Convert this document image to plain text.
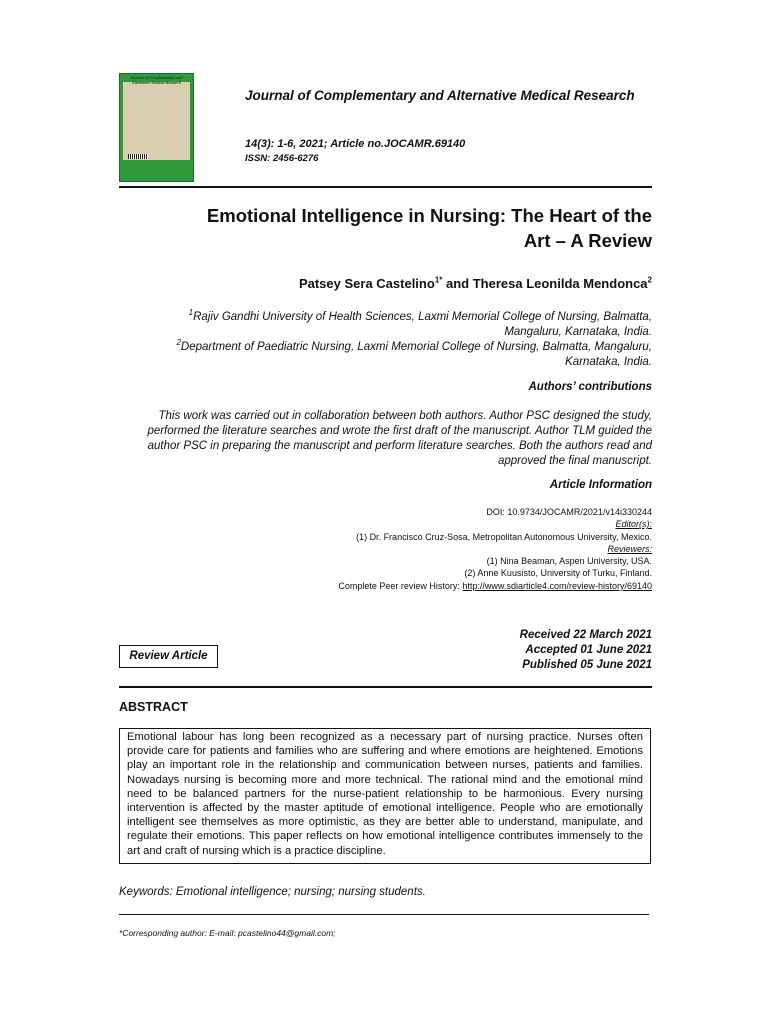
Journal of Complementary and Alternative Medical Research
Journal of Complementary and Alternative Medical Research
14(3): 1-6, 2021; Article no.JOCAMR.69140
ISSN: 2456-6276
Emotional Intelligence in Nursing: The Heart of the
Art – A Review
Patsey Sera Castelino$^{1*}$ and Theresa Leonilda Mendonca$^2$
$^1$Rajiv Gandhi University of Health Sciences, Laxmi Memorial College of Nursing, Balmatta,
Mangaluru, Karnataka, India.
$^2$Department of Paediatric Nursing, Laxmi Memorial College of Nursing, Balmatta, Mangaluru,
Karnataka, India.
Authors’ contributions
This work was carried out in collaboration between both authors. Author PSC designed the study,
performed the literature searches and wrote the first draft of the manuscript. Author TLM guided the
author PSC in preparing the manuscript and perform literature searches. Both the authors read and
approved the final manuscript.
Article Information
DOI: 10.9734/JOCAMR/2021/v14i330244
Editor(s):
(1) Dr. Francisco Cruz-Sosa, Metropolitan Autonomous University, Mexico.
Reviewers:
(1) Nina Beaman, Aspen University, USA.
(2) Anne Kuusisto, University of Turku, Finland.
Complete Peer review History: http://www.sdiarticle4.com/review-history/69140
Review Article
Received 22 March 2021
Accepted 01 June 2021
Published 05 June 2021
ABSTRACT
Emotional labour has long been recognized as a necessary part of nursing practice. Nurses often provide care for patients and families who are suffering and where emotions are heightened. Emotions play an important role in the relationship and communication between nurses, patients and families. Nowadays nursing is becoming more and more technical. The rational mind and the emotional mind need to be balanced partners for the nurse-patient relationship to be harmonious. Every nursing intervention is affected by the master aptitude of emotional intelligence. People who are emotionally intelligent see themselves as more optimistic, as they are better able to understand, manipulate, and regulate their emotions. This paper reflects on how emotional intelligence contributes immensely to the art and craft of nursing which is a practice discipline.
Keywords: Emotional intelligence; nursing; nursing students.
*Corresponding author: E-mail: pcastelino44@gmail.com;
